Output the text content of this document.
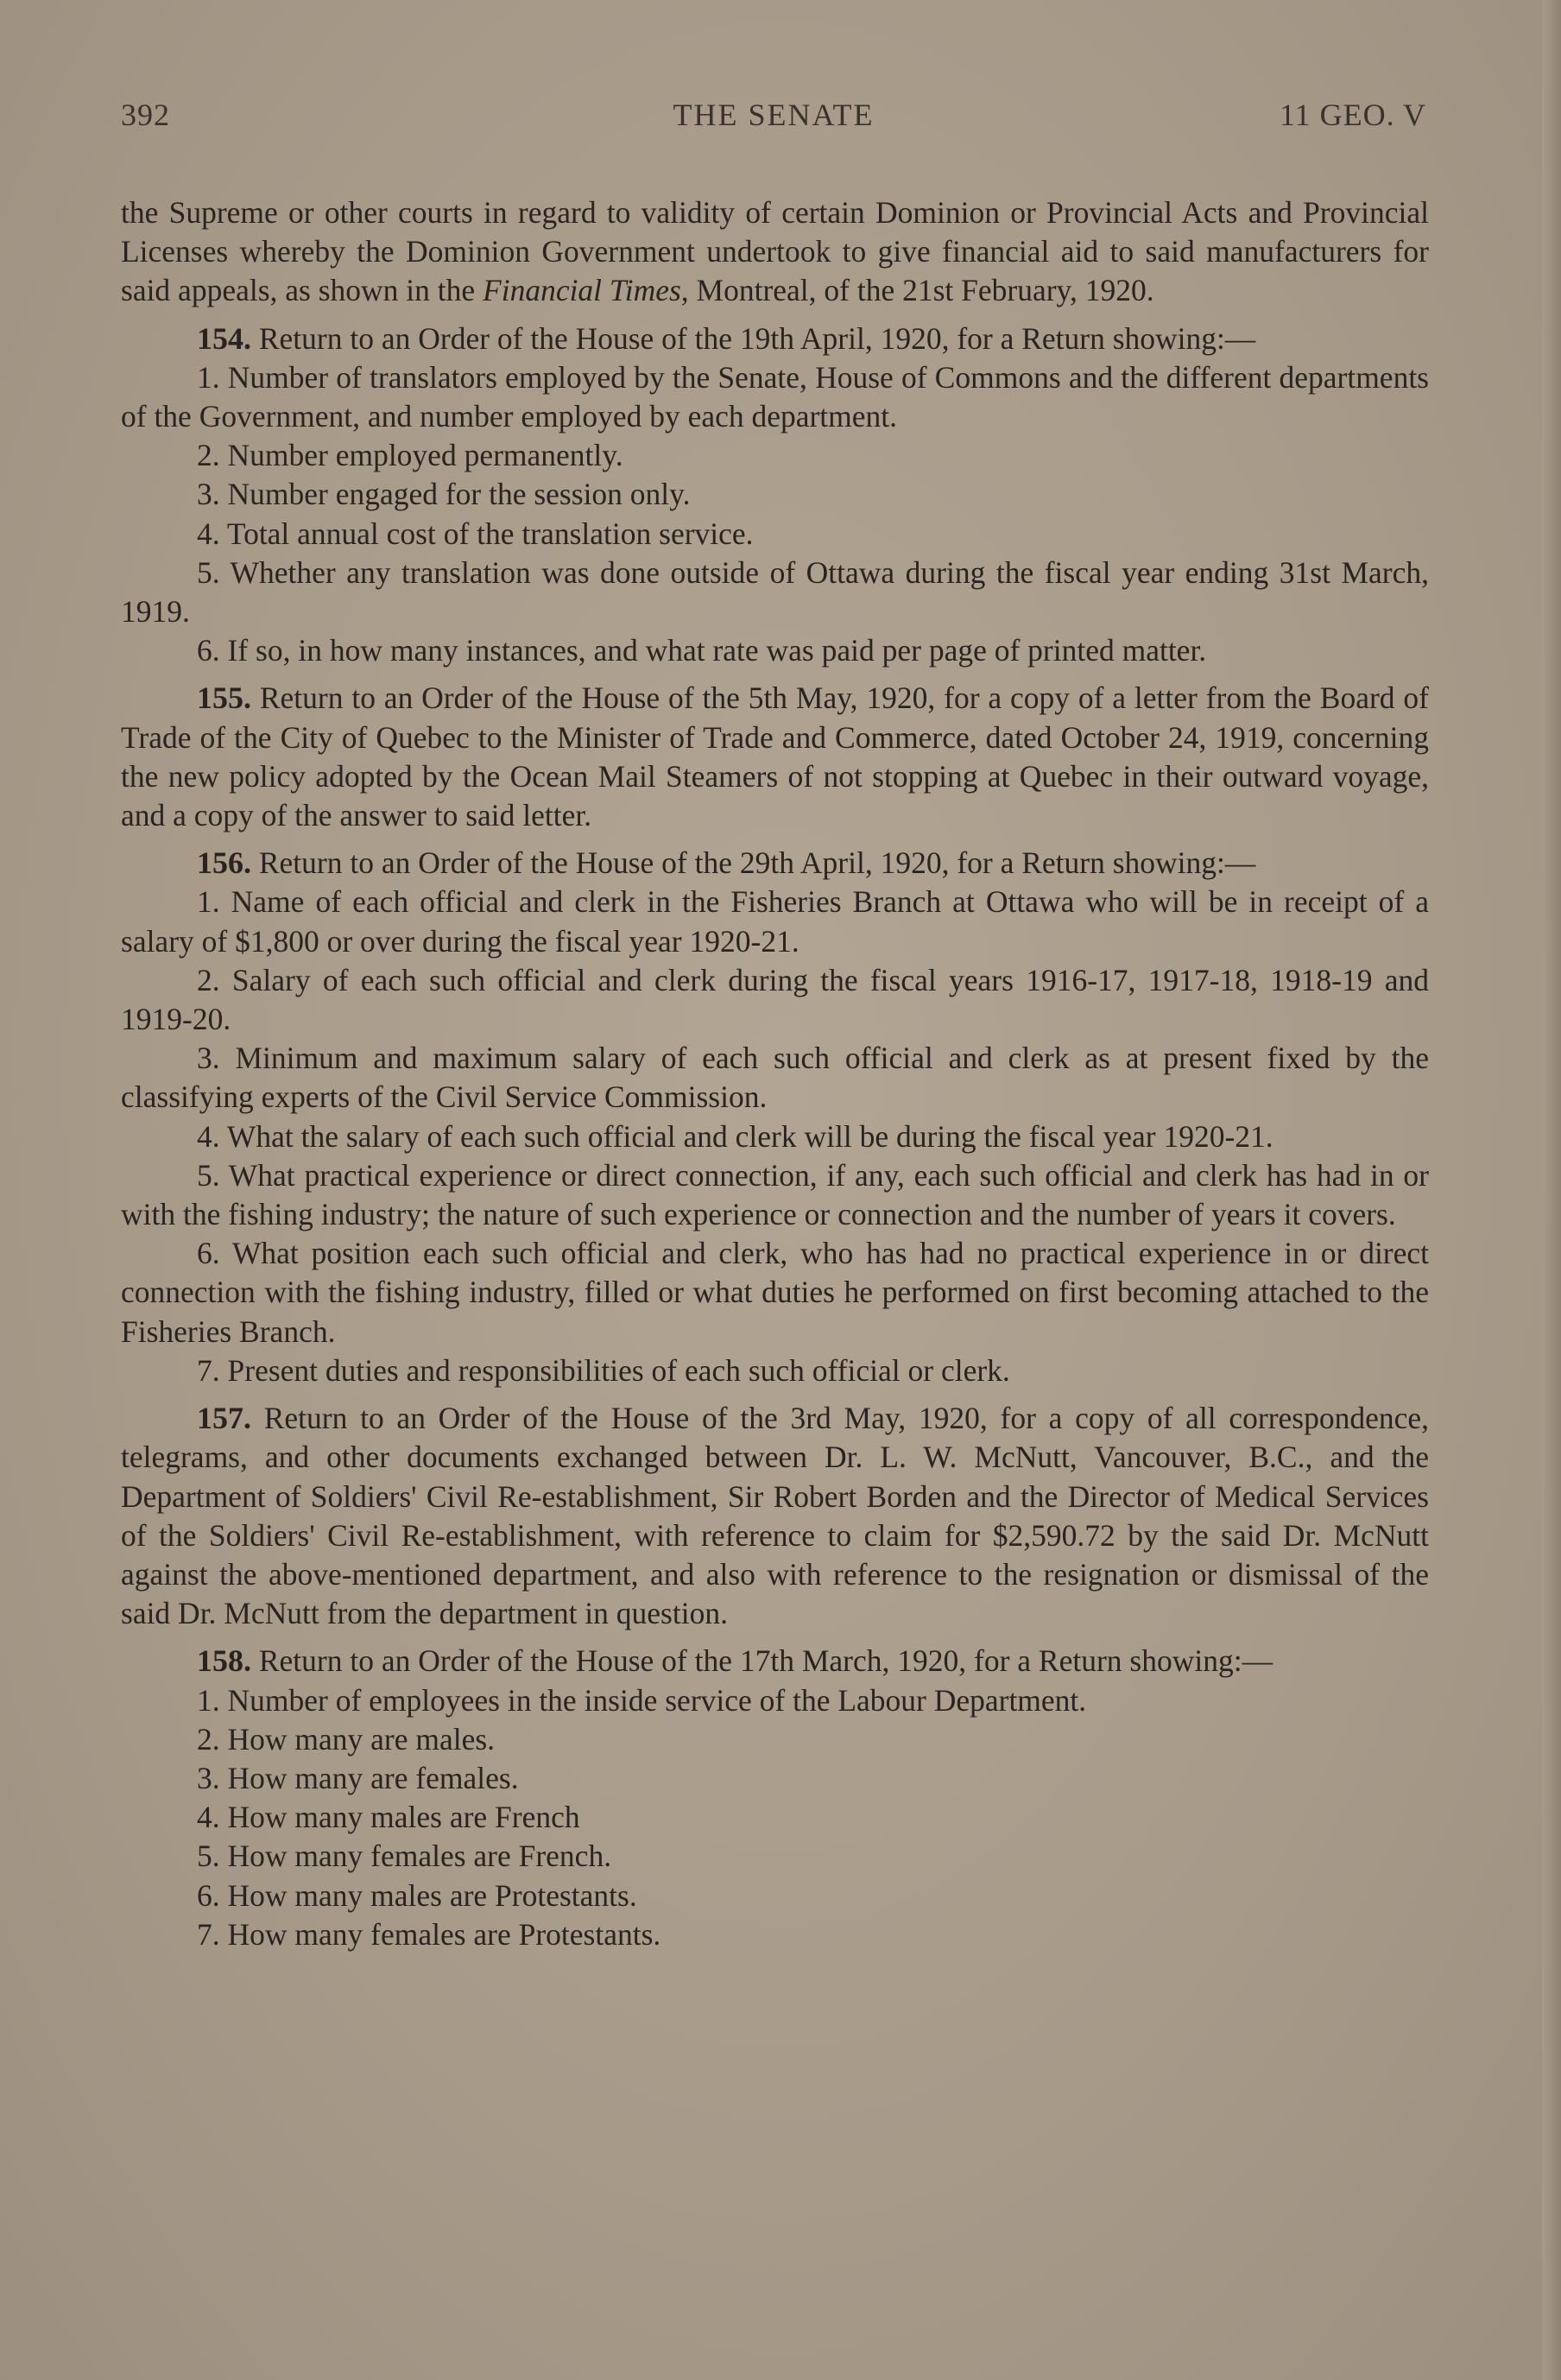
392	THE SENATE	11 GEO. V

the Supreme or other courts in regard to validity of certain Dominion or Provincial Acts and Provincial Licenses whereby the Dominion Government undertook to give financial aid to said manufacturers for said appeals, as shown in the Financial Times, Montreal, of the 21st February, 1920.

154. Return to an Order of the House of the 19th April, 1920, for a Return showing:—

1. Number of translators employed by the Senate, House of Commons and the different departments of the Government, and number employed by each department.

2. Number employed permanently.

3. Number engaged for the session only.

4. Total annual cost of the translation service.

5. Whether any translation was done outside of Ottawa during the fiscal year ending 31st March, 1919.

6. If so, in how many instances, and what rate was paid per page of printed matter.

155. Return to an Order of the House of the 5th May, 1920, for a copy of a letter from the Board of Trade of the City of Quebec to the Minister of Trade and Commerce, dated October 24, 1919, concerning the new policy adopted by the Ocean Mail Steamers of not stopping at Quebec in their outward voyage, and a copy of the answer to said letter.

156. Return to an Order of the House of the 29th April, 1920, for a Return showing:—

1. Name of each official and clerk in the Fisheries Branch at Ottawa who will be in receipt of a salary of $1,800 or over during the fiscal year 1920-21.

2. Salary of each such official and clerk during the fiscal years 1916-17, 1917-18, 1918-19 and 1919-20.

3. Minimum and maximum salary of each such official and clerk as at present fixed by the classifying experts of the Civil Service Commission.

4. What the salary of each such official and clerk will be during the fiscal year 1920-21.

5. What practical experience or direct connection, if any, each such official and clerk has had in or with the fishing industry; the nature of such experience or connection and the number of years it covers.

6. What position each such official and clerk, who has had no practical experience in or direct connection with the fishing industry, filled or what duties he performed on first becoming attached to the Fisheries Branch.

7. Present duties and responsibilities of each such official or clerk.

157. Return to an Order of the House of the 3rd May, 1920, for a copy of all correspondence, telegrams, and other documents exchanged between Dr. L. W. McNutt, Vancouver, B.C., and the Department of Soldiers' Civil Re-establishment, Sir Robert Borden and the Director of Medical Services of the Soldiers' Civil Re-establishment, with reference to claim for $2,590.72 by the said Dr. McNutt against the above-mentioned department, and also with reference to the resignation or dismissal of the said Dr. McNutt from the department in question.

158. Return to an Order of the House of the 17th March, 1920, for a Return showing:—

1. Number of employees in the inside service of the Labour Department.

2. How many are males.

3. How many are females.

4. How many males are French

5. How many females are French.

6. How many males are Protestants.

7. How many females are Protestants.
